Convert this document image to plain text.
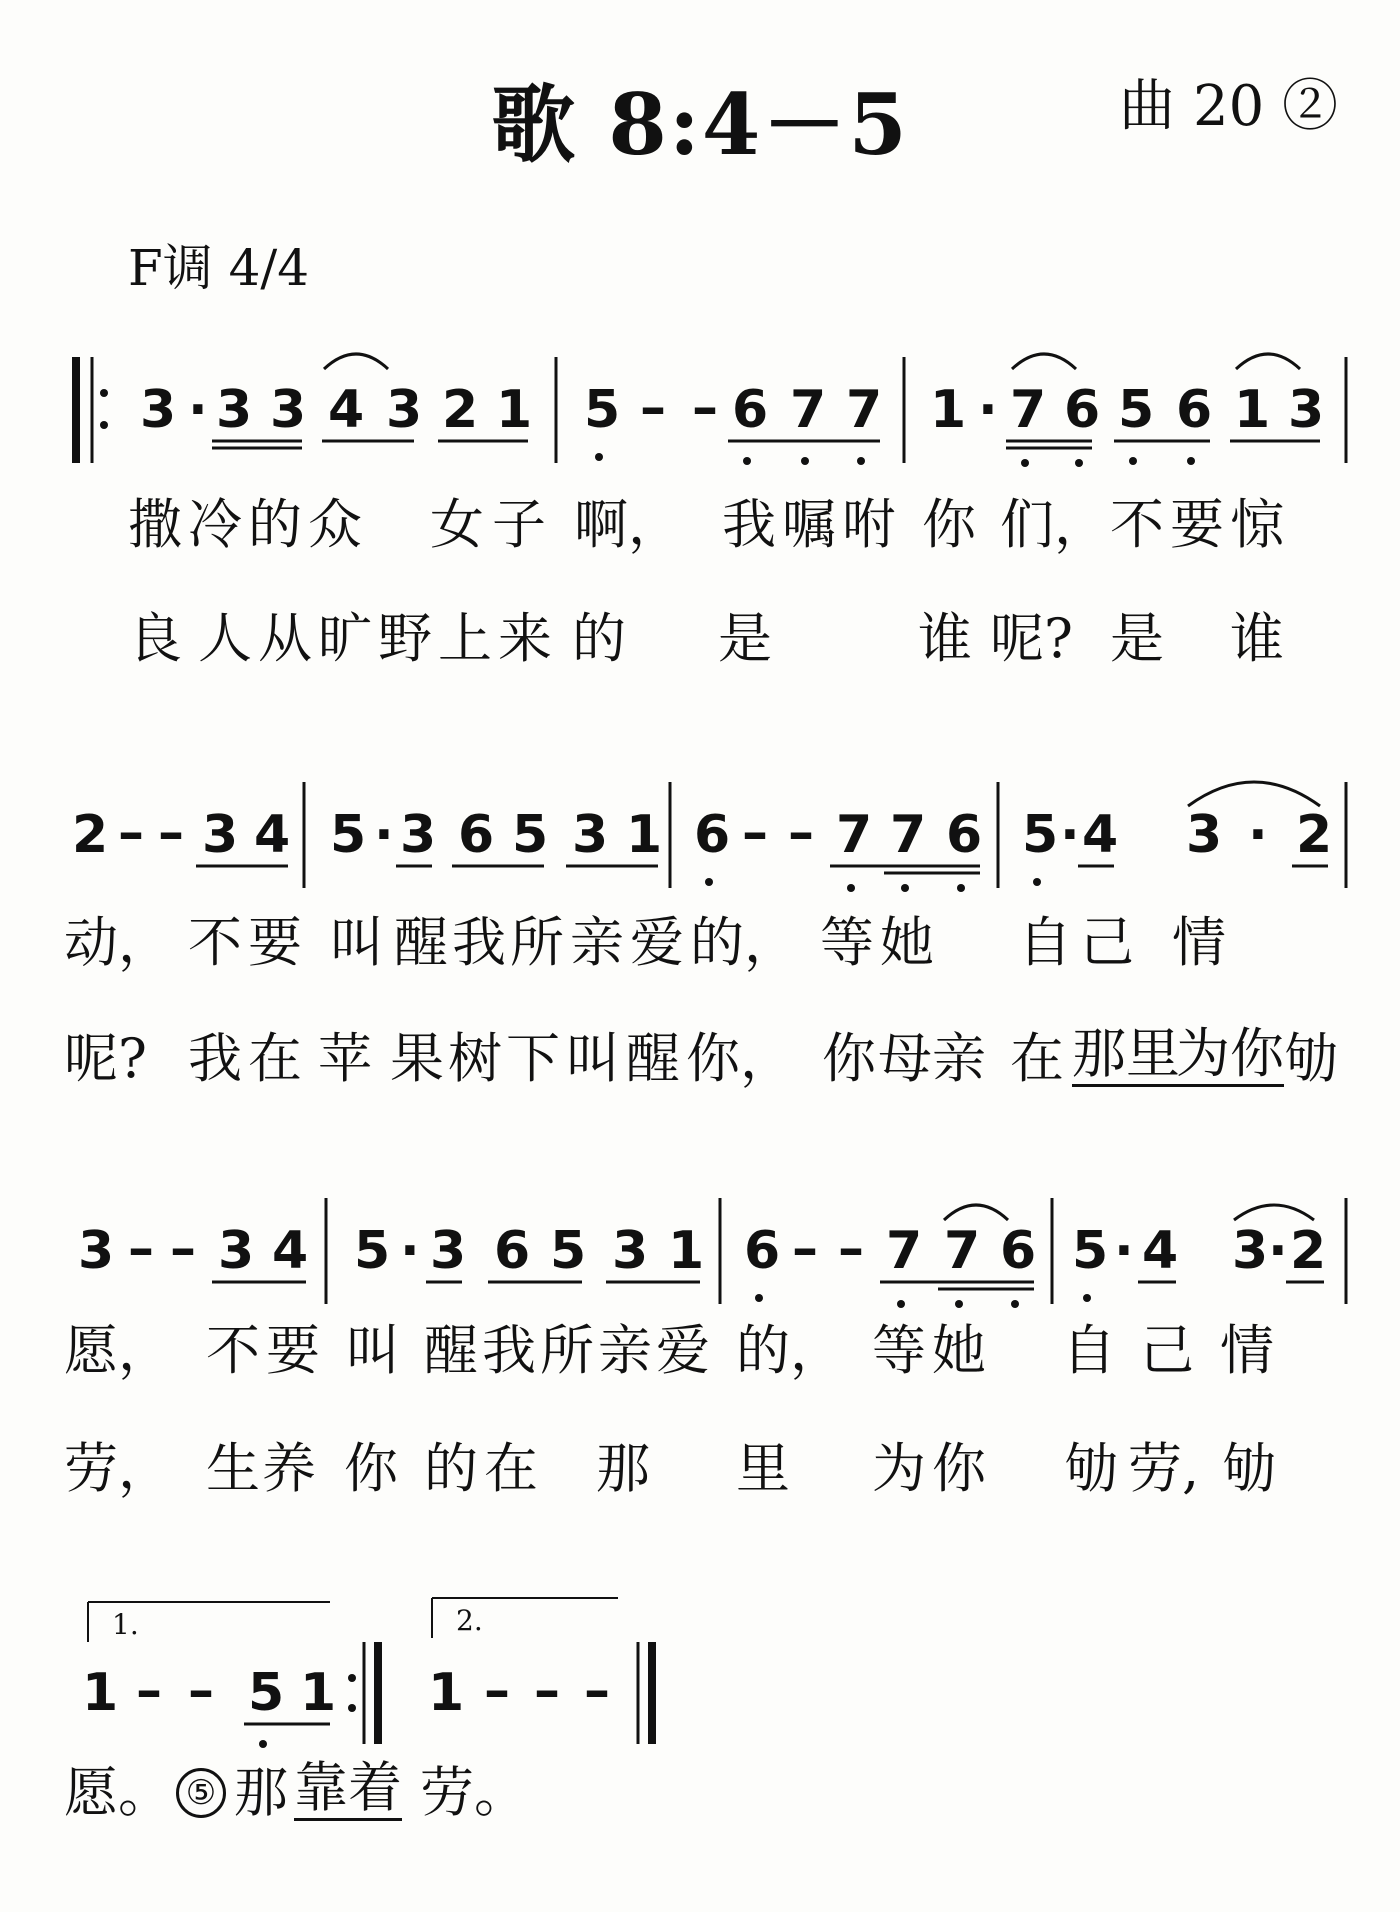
歌 8:4－5	曲 20 ②
F调 4/4
3 · 3 3 4 3 2 1 5 – – 6 7 7 1 · 7 6 5 6 1 3
撒 冷 的 众 女 子 啊， 我 嘱 咐 你 们， 不 要 惊
良 人 从 旷 野 上 来 的 是	谁 呢? 是 谁
2 – – 3 4 5 · 3 6 5 3 1 6 – – 7 7 6 5 · 4 3 · 2
动， 不 要 叫 醒 我 所 亲 爱 的， 等 她 自 己 情
呢? 我 在 苹 果 树 下 叫 醒 你， 你 母 亲 在 那里
为你 劬
3 – – 3 4 5 · 3 6 5 3 1 6 – – 7 7 6 5 · 4 3 · 2
愿， 不 要 叫 醒 我 所 亲 爱 的， 等 她 自 己 情
劳， 生 养 你 的 在 那 里 为 你 劬 劳, 劬
1.	2.
1 – – 5 1 1 – – –
愿。 ⑤ 那 靠着 劳。
